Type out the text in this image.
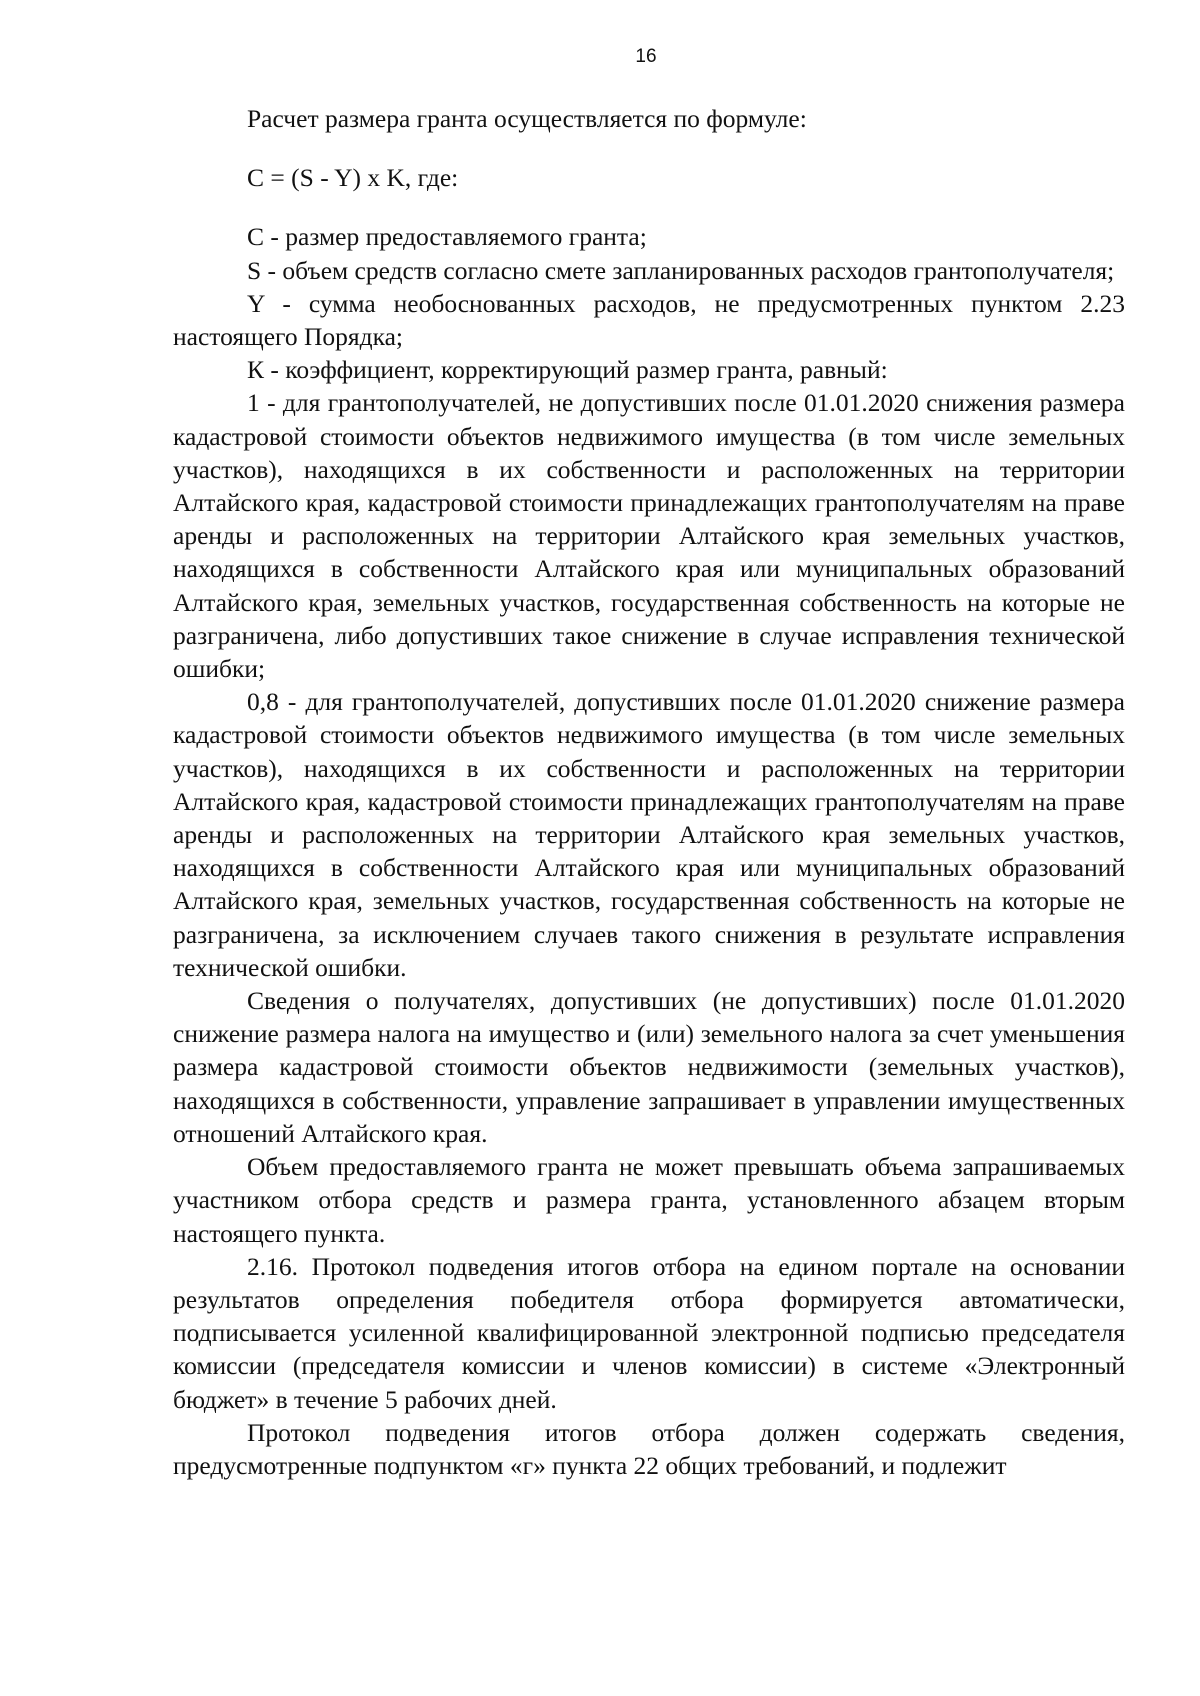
16

Расчет размера гранта осуществляется по формуле:

C = (S - Y) x K, где:

C - размер предоставляемого гранта;

S - объем средств согласно смете запланированных расходов грантополучателя;

Y - сумма необоснованных расходов, не предусмотренных пунктом 2.23 настоящего Порядка;

К - коэффициент, корректирующий размер гранта, равный:

1 - для грантополучателей, не допустивших после 01.01.2020 снижения размера кадастровой стоимости объектов недвижимого имущества (в том числе земельных участков), находящихся в их собственности и расположенных на территории Алтайского края, кадастровой стоимости принадлежащих грантополучателям на праве аренды и расположенных на территории Алтайского края земельных участков, находящихся в собственности Алтайского края или муниципальных образований Алтайского края, земельных участков, государственная собственность на которые не разграничена, либо допустивших такое снижение в случае исправления технической ошибки;

0,8 - для грантополучателей, допустивших после 01.01.2020 снижение размера кадастровой стоимости объектов недвижимого имущества (в том числе земельных участков), находящихся в их собственности и расположенных на территории Алтайского края, кадастровой стоимости принадлежащих грантополучателям на праве аренды и расположенных на территории Алтайского края земельных участков, находящихся в собственности Алтайского края или муниципальных образований Алтайского края, земельных участков, государственная собственность на которые не разграничена, за исключением случаев такого снижения в результате исправления технической ошибки.

Сведения о получателях, допустивших (не допустивших) после 01.01.2020 снижение размера налога на имущество и (или) земельного налога за счет уменьшения размера кадастровой стоимости объектов недвижимости (земельных участков), находящихся в собственности, управление запрашивает в управлении имущественных отношений Алтайского края.

Объем предоставляемого гранта не может превышать объема запрашиваемых участником отбора средств и размера гранта, установленного абзацем вторым настоящего пункта.

2.16. Протокол подведения итогов отбора на едином портале на основании результатов определения победителя отбора формируется автоматически, подписывается усиленной квалифицированной электронной подписью председателя комиссии (председателя комиссии и членов комиссии) в системе «Электронный бюджет» в течение 5 рабочих дней.

Протокол подведения итогов отбора должен содержать сведения, предусмотренные подпунктом «г» пункта 22 общих требований, и подлежит
